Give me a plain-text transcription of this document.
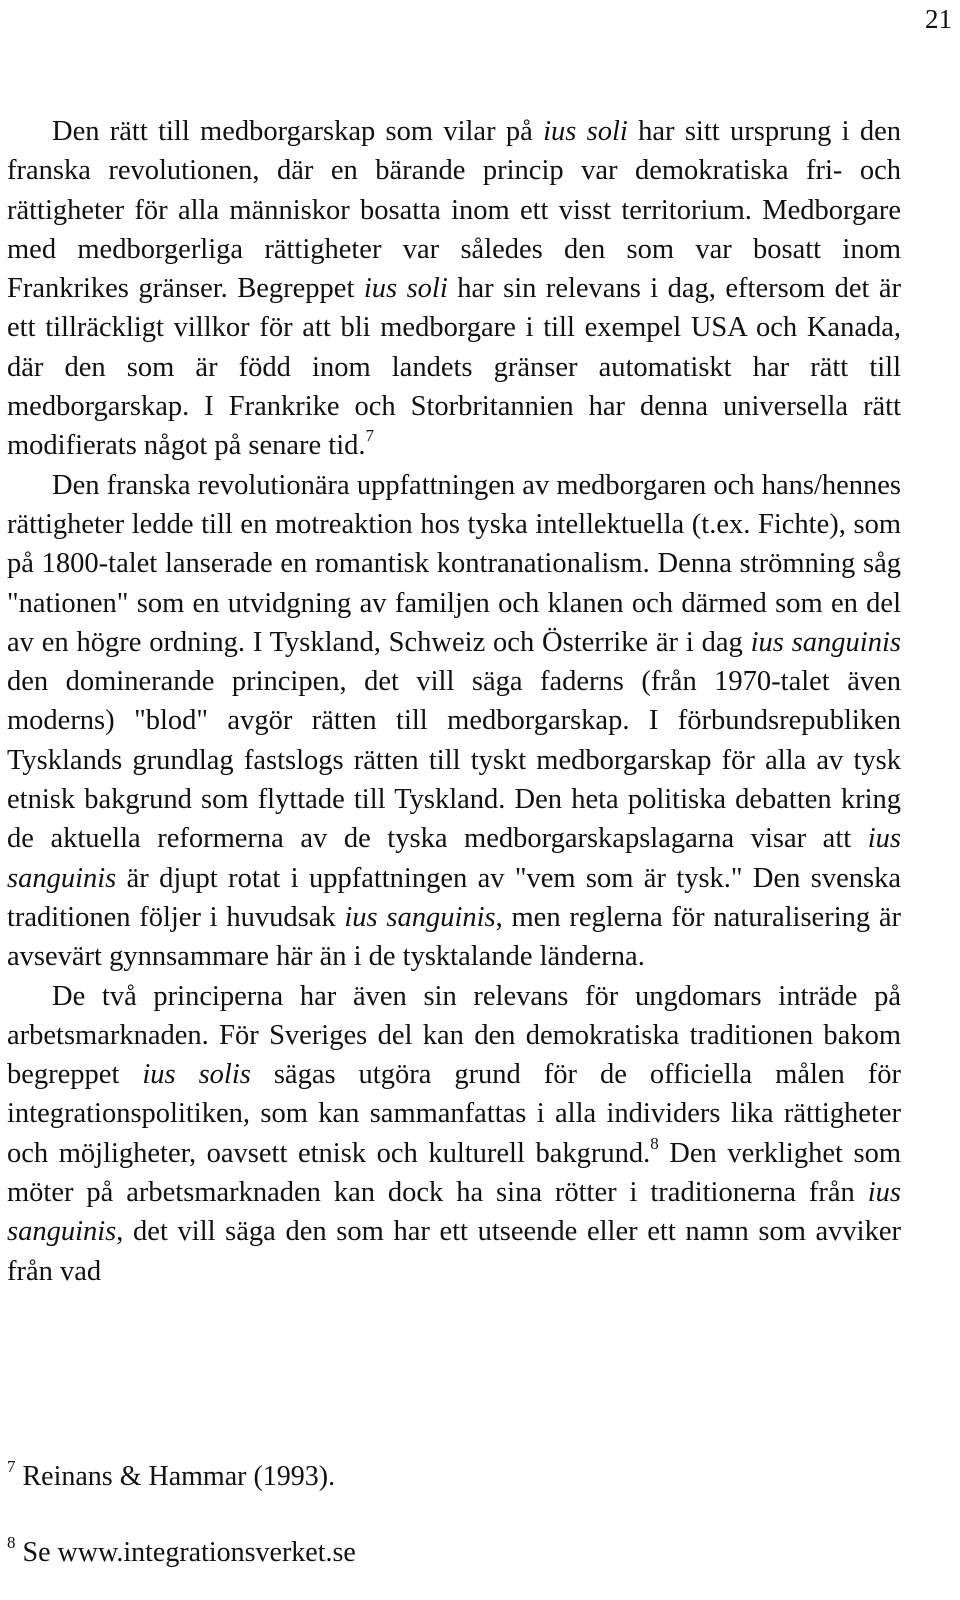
21

Den rätt till medborgarskap som vilar på ius soli har sitt ursprung i den franska revolutionen, där en bärande princip var demokratiska fri- och rättigheter för alla människor bosatta inom ett visst territorium. Medborgare med medborgerliga rättigheter var således den som var bosatt inom Frankrikes gränser. Begreppet ius soli har sin relevans i dag, eftersom det är ett tillräckligt villkor för att bli medborgare i till exempel USA och Kanada, där den som är född inom landets gränser automatiskt har rätt till medborgarskap. I Frankrike och Storbritannien har denna universella rätt modifierats något på senare tid.$^7$

Den franska revolutionära uppfattningen av medborgaren och hans/hennes rättigheter ledde till en motreaktion hos tyska intellektuella (t.ex. Fichte), som på 1800-talet lanserade en romantisk kontranationalism. Denna strömning såg "nationen" som en utvidgning av familjen och klanen och därmed som en del av en högre ordning. I Tyskland, Schweiz och Österrike är i dag ius sanguinis den dominerande principen, det vill säga faderns (från 1970-talet även moderns) "blod" avgör rätten till medborgarskap. I förbundsrepubliken Tysklands grundlag fastslogs rätten till tyskt medborgarskap för alla av tysk etnisk bakgrund som flyttade till Tyskland. Den heta politiska debatten kring de aktuella reformerna av de tyska medborgarskapslagarna visar att ius sanguinis är djupt rotat i uppfattningen av "vem som är tysk." Den svenska traditionen följer i huvudsak ius sanguinis, men reglerna för naturalisering är avsevärt gynnsammare här än i de tysktalande länderna.

De två principerna har även sin relevans för ungdomars inträde på arbetsmarknaden. För Sveriges del kan den demokratiska traditionen bakom begreppet ius solis sägas utgöra grund för de officiella målen för integrationspolitiken, som kan sammanfattas i alla individers lika rättigheter och möjligheter, oavsett etnisk och kulturell bakgrund.$^8$ Den verklighet som möter på arbetsmarknaden kan dock ha sina rötter i traditionerna från ius sanguinis, det vill säga den som har ett utseende eller ett namn som avviker från vad

$^7$ Reinans & Hammar (1993).
$^8$ Se www.integrationsverket.se
